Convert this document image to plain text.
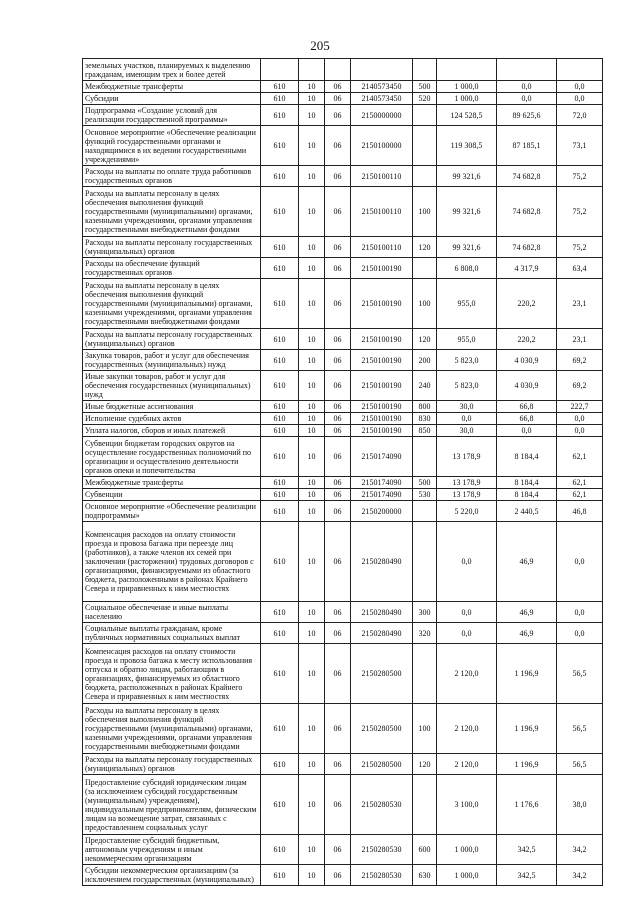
205
земельных участков, планируемых к выделению гражданам, имеющим трех и более детей								
Межбюджетные трансферты	610	10	06	2140573450	500	1 000,0	0,0	0,0
Субсидии	610	10	06	2140573450	520	1 000,0	0,0	0,0
Подпрограмма «Создание условий для реализации государственной программы»	610	10	06	2150000000		124 528,5	89 625,6	72,0
Основное мероприятие «Обеспечение реализации функций государственными органами и находящимися в их ведении государственными учреждениями»	610	10	06	2150100000		119 308,5	87 185,1	73,1
Расходы на выплаты по оплате труда работников государственных органов	610	10	06	2150100110		99 321,6	74 682,8	75,2
Расходы на выплаты персоналу в целях обеспечения выполнения функций государственными (муниципальными) органами, казенными учреждениями, органами управления государственными внебюджетными фондами	610	10	06	2150100110	100	99 321,6	74 682,8	75,2
Расходы на выплаты персоналу государственных (муниципальных) органов	610	10	06	2150100110	120	99 321,6	74 682,8	75,2
Расходы на обеспечение функций государственных органов	610	10	06	2150100190		6 808,0	4 317,9	63,4
Расходы на выплаты персоналу в целях обеспечения выполнения функций государственными (муниципальными) органами, казенными учреждениями, органами управления государственными внебюджетными фондами	610	10	06	2150100190	100	955,0	220,2	23,1
Расходы на выплаты персоналу государственных (муниципальных) органов	610	10	06	2150100190	120	955,0	220,2	23,1
Закупка товаров, работ и услуг для обеспечения государственных (муниципальных) нужд	610	10	06	2150100190	200	5 823,0	4 030,9	69,2
Иные закупки товаров, работ и услуг для обеспечения государственных (муниципальных) нужд	610	10	06	2150100190	240	5 823,0	4 030,9	69,2
Иные бюджетные ассигнования	610	10	06	2150100190	800	30,0	66,8	222,7
Исполнение судебных актов	610	10	06	2150100190	830	0,0	66,8	0,0
Уплата налогов, сборов и иных платежей	610	10	06	2150100190	850	30,0	0,0	0,0
Субвенции бюджетам городских округов на осуществление государственных полномочий по организации и осуществлению деятельности органов опеки и попечительства	610	10	06	2150174090		13 178,9	8 184,4	62,1
Межбюджетные трансферты	610	10	06	2150174090	500	13 178,9	8 184,4	62,1
Субвенции	610	10	06	2150174090	530	13 178,9	8 184,4	62,1
Основное мероприятие «Обеспечение реализации подпрограммы»	610	10	06	2150200000		5 220,0	2 440,5	46,8
Компенсация расходов на оплату стоимости проезда и провоза багажа при переезде лиц (работников), а также членов их семей при заключении (расторжении) трудовых договоров с организациями, финансируемыми из областного бюджета, расположенными в районах Крайнего Севера и приравненных к ним местностях	610	10	06	2150280490		0,0	46,9	0,0
Социальное обеспечение и иные выплаты населению	610	10	06	2150280490	300	0,0	46,9	0,0
Социальные выплаты гражданам, кроме публичных нормативных социальных выплат	610	10	06	2150280490	320	0,0	46,9	0,0
Компенсация расходов на оплату стоимости проезда и провоза багажа к месту использования отпуска и обратно лицам, работающим в организациях, финансируемых из областного бюджета, расположенных в районах Крайнего Севера и приравненных к ним местностях	610	10	06	2150280500		2 120,0	1 196,9	56,5
Расходы на выплаты персоналу в целях обеспечения выполнения функций государственными (муниципальными) органами, казенными учреждениями, органами управления государственными внебюджетными фондами	610	10	06	2150280500	100	2 120,0	1 196,9	56,5
Расходы на выплаты персоналу государственных (муниципальных) органов	610	10	06	2150280500	120	2 120,0	1 196,9	56,5
Предоставление субсидий юридическим лицам (за исключением субсидий государственным (муниципальным) учреждениям), индивидуальным предпринимателям, физическим лицам на возмещение затрат, связанных с предоставлением социальных услуг	610	10	06	2150280530		3 100,0	1 176,6	38,0
Предоставление субсидий бюджетным, автономным учреждениям и иным некоммерческим организациям	610	10	06	2150280530	600	1 000,0	342,5	34,2
Субсидии некоммерческим организациям (за исключением государственных (муниципальных)	610	10	06	2150280530	630	1 000,0	342,5	34,2
